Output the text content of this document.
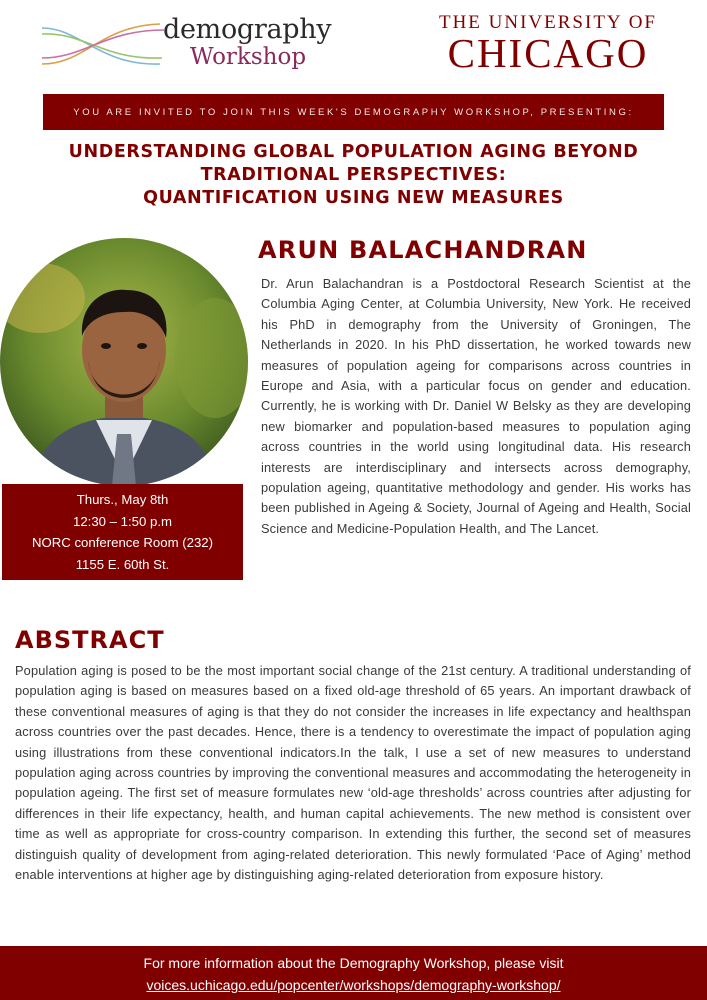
demography
Workshop
THE UNIVERSITY OF
CHICAGO
YOU ARE INVITED TO JOIN THIS WEEK'S DEMOGRAPHY WORKSHOP, PRESENTING:
UNDERSTANDING GLOBAL POPULATION AGING BEYOND
TRADITIONAL PERSPECTIVES:
QUANTIFICATION USING NEW MEASURES
Thurs., May 8th
12:30 – 1:50 p.m
NORC conference Room (232)
1155 E. 60th St.
ARUN BALACHANDRAN
Dr. Arun Balachandran is a Postdoctoral Research Scientist at the Columbia Aging Center, at Columbia University, New York. He received his PhD in demography from the University of Groningen, The Netherlands in 2020. In his PhD dissertation, he worked towards new measures of population ageing for comparisons across countries in Europe and Asia, with a particular focus on gender and education. Currently, he is working with Dr. Daniel W Belsky as they are developing new biomarker and population-based measures to population aging across countries in the world using longitudinal data. His research interests are interdisciplinary and intersects across demography, population ageing, quantitative methodology and gender. His works has been published in Ageing & Society, Journal of Ageing and Health, Social Science and Medicine-Population Health, and The Lancet.
ABSTRACT
Population aging is posed to be the most important social change of the 21st century. A traditional understanding of population aging is based on measures based on a fixed old-age threshold of 65 years. An important drawback of these conventional measures of aging is that they do not consider the increases in life expectancy and healthspan across countries over the past decades. Hence, there is a tendency to overestimate the impact of population aging using illustrations from these conventional indicators.In the talk, I use a set of new measures to understand population aging across countries by improving the conventional measures and accommodating the heterogeneity in population ageing. The first set of measure formulates new ‘old-age thresholds’ across countries after adjusting for differences in their life expectancy, health, and human capital achievements. The new method is consistent over time as well as appropriate for cross-country comparison. In extending this further, the second set of measures distinguish quality of development from aging-related deterioration. This newly formulated ‘Pace of Aging’ method enable interventions at higher age by distinguishing aging-related deterioration from exposure history.
For more information about the Demography Workshop, please visit
voices.uchicago.edu/popcenter/workshops/demography-workshop/
